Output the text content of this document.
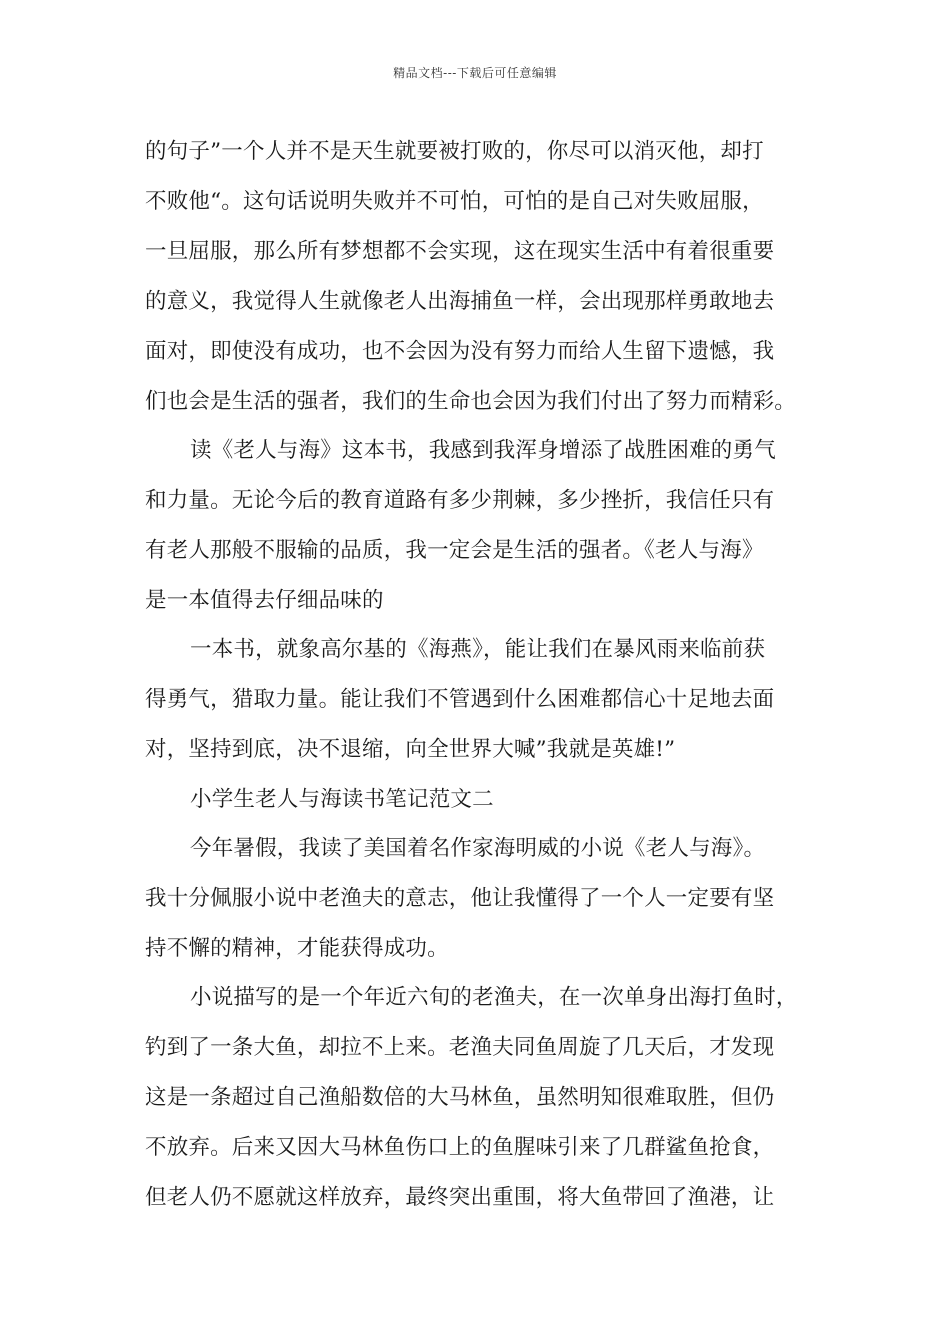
精品文档---下载后可任意编辑
的句子”一个人并不是天生就要被打败的，你尽可以消灭他，却打
不败他“。这句话说明失败并不可怕，可怕的是自己对失败屈服，
一旦屈服，那么所有梦想都不会实现，这在现实生活中有着很重要
的意义，我觉得人生就像老人出海捕鱼一样，会出现那样勇敢地去
面对，即使没有成功，也不会因为没有努力而给人生留下遗憾，我
们也会是生活的强者，我们的生命也会因为我们付出了努力而精彩。
读《老人与海》这本书，我感到我浑身增添了战胜困难的勇气
和力量。无论今后的教育道路有多少荆棘，多少挫折，我信任只有
有老人那般不服输的品质，我一定会是生活的强者。《老人与海》
是一本值得去仔细品味的
一本书，就象高尔基的《海燕》，能让我们在暴风雨来临前获
得勇气，猎取力量。能让我们不管遇到什么困难都信心十足地去面
对，坚持到底，决不退缩，向全世界大喊”我就是英雄!”
小学生老人与海读书笔记范文二
今年暑假，我读了美国着名作家海明威的小说《老人与海》。
我十分佩服小说中老渔夫的意志，他让我懂得了一个人一定要有坚
持不懈的精神，才能获得成功。
小说描写的是一个年近六旬的老渔夫，在一次单身出海打鱼时，
钓到了一条大鱼，却拉不上来。老渔夫同鱼周旋了几天后，才发现
这是一条超过自己渔船数倍的大马林鱼，虽然明知很难取胜，但仍
不放弃。后来又因大马林鱼伤口上的鱼腥味引来了几群鲨鱼抢食，
但老人仍不愿就这样放弃，最终突出重围，将大鱼带回了渔港，让
